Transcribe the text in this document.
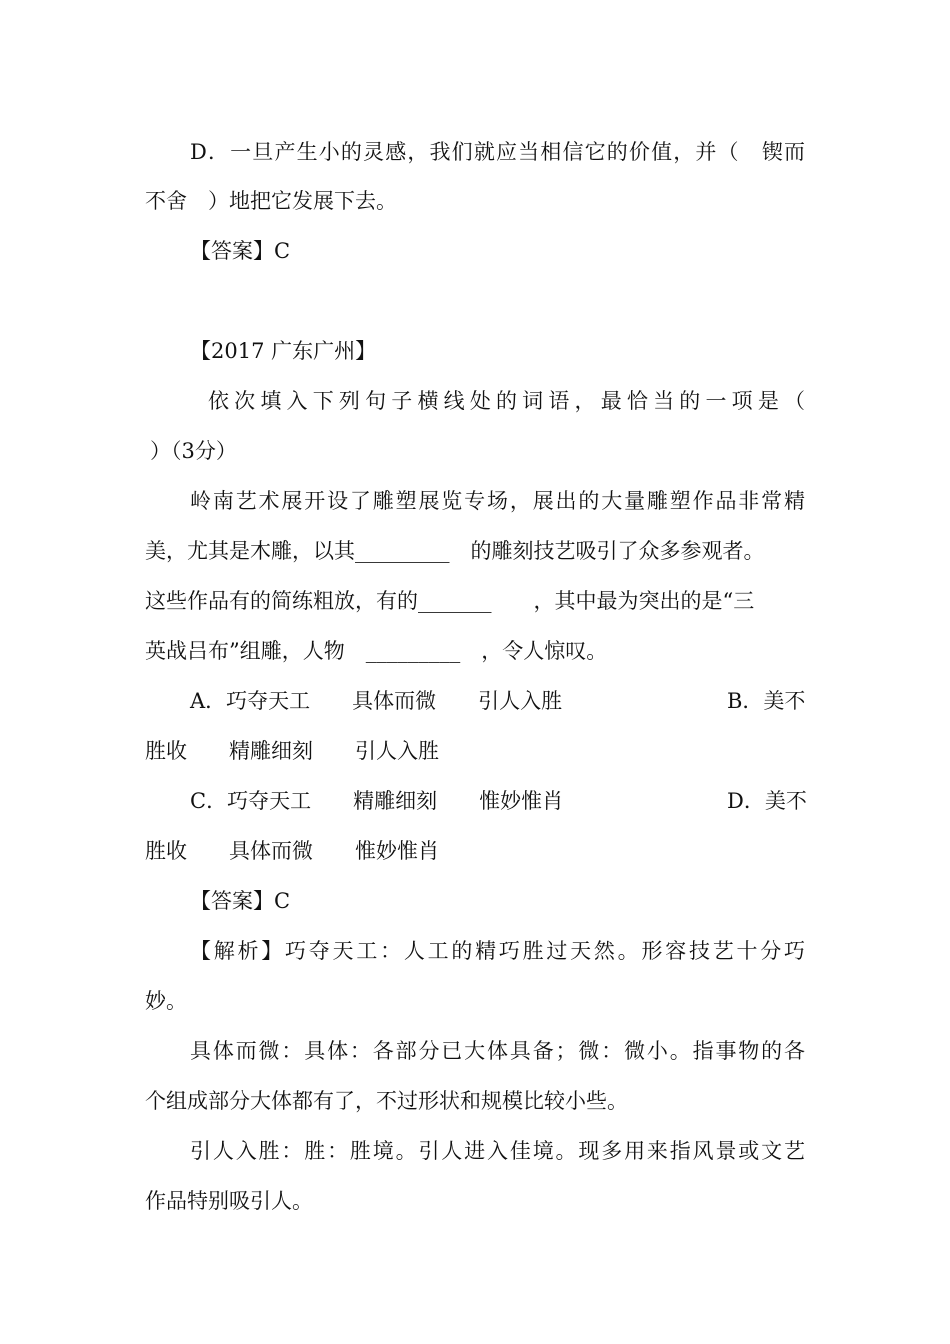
D．一旦产生小的灵感，我们就应当相信它的价值，并（　锲而
不舍　）地把它发展下去。
【答案】C
【2017 广东广州】
依次填入下列句子横线处的词语，最恰当的一项是（
）（3分）
岭南艺术展开设了雕塑展览专场，展出的大量雕塑作品非常精
美，尤其是木雕，以其_________　的雕刻技艺吸引了众多参观者。
这些作品有的简练粗放，有的_______　　，其中最为突出的是“三
英战吕布”组雕，人物　_________　，令人惊叹。
A．巧夺天工　　具体而微　　引人入胜	B．美不
胜收　　精雕细刻　　引人入胜
C．巧夺天工　　精雕细刻　　惟妙惟肖	D．美不
胜收　　具体而微　　惟妙惟肖
【答案】C
【解析】巧夺天工：人工的精巧胜过天然。形容技艺十分巧
妙。
具体而微：具体：各部分已大体具备；微：微小。指事物的各
个组成部分大体都有了，不过形状和规模比较小些。
引人入胜：胜：胜境。引人进入佳境。现多用来指风景或文艺
作品特别吸引人。
